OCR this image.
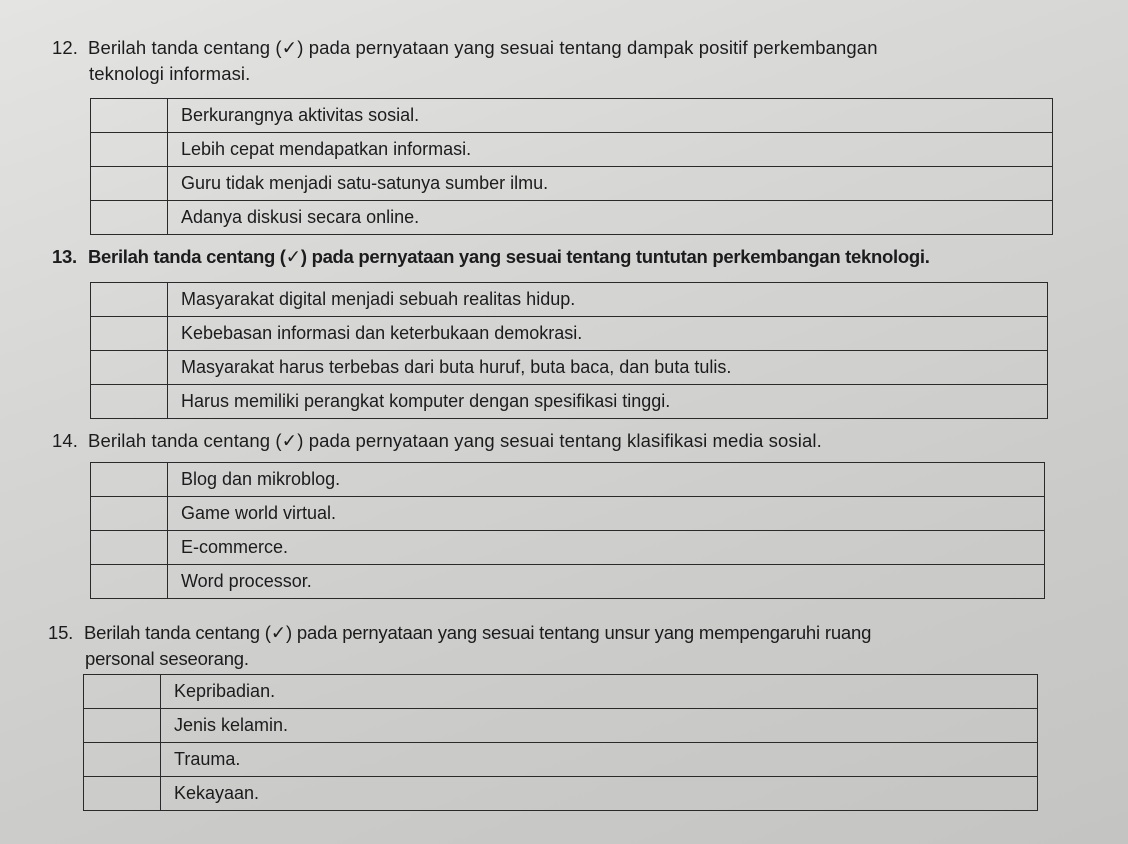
12. Berilah tanda centang (✓) pada pernyataan yang sesuai tentang dampak positif perkembangan
teknologi informasi.
	Berkurangnya aktivitas sosial.
	Lebih cepat mendapatkan informasi.
	Guru tidak menjadi satu-satunya sumber ilmu.
	Adanya diskusi secara online.
13. Berilah tanda centang (✓) pada pernyataan yang sesuai tentang tuntutan perkembangan teknologi.
	Masyarakat digital menjadi sebuah realitas hidup.
	Kebebasan informasi dan keterbukaan demokrasi.
	Masyarakat harus terbebas dari buta huruf, buta baca, dan buta tulis.
	Harus memiliki perangkat komputer dengan spesifikasi tinggi.
14. Berilah tanda centang (✓) pada pernyataan yang sesuai tentang klasifikasi media sosial.
	Blog dan mikroblog.
	Game world virtual.
	E-commerce.
	Word processor.
15. Berilah tanda centang (✓) pada pernyataan yang sesuai tentang unsur yang mempengaruhi ruang
personal seseorang.
	Kepribadian.
	Jenis kelamin.
	Trauma.
	Kekayaan.
